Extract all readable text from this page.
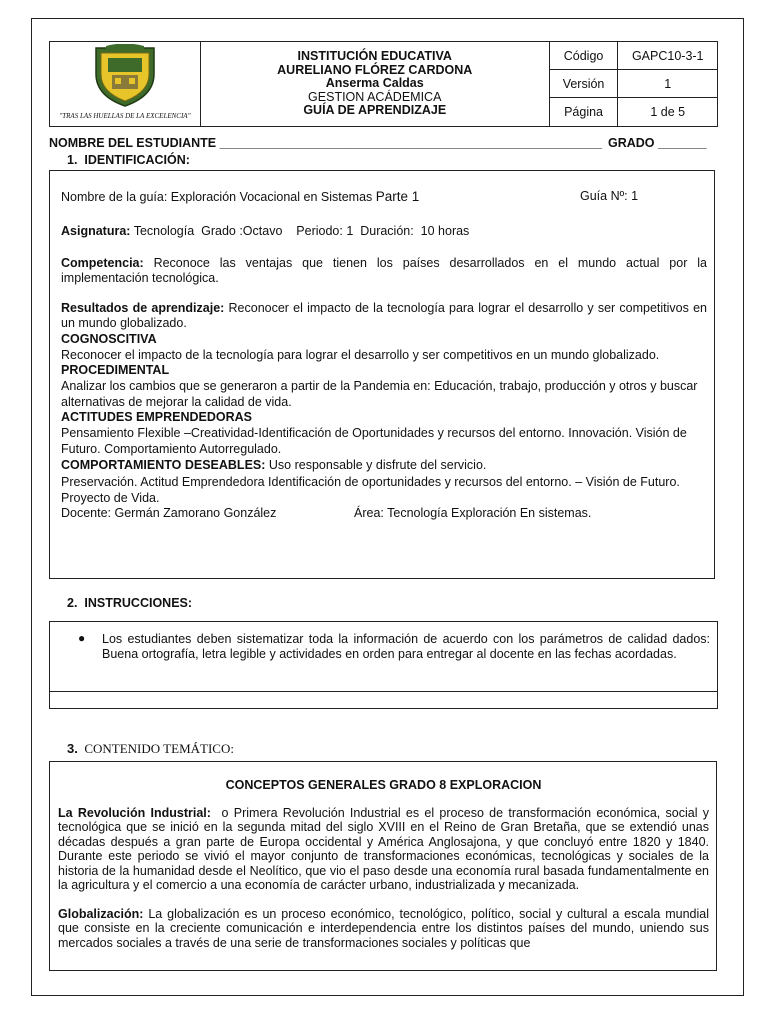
"TRAS LAS HUELLAS DE LA EXCELENCIA"	INSTITUCIÓN EDUCATIVA
AURELIANO FLÓREZ CARDONA
Anserma Caldas
GESTION ACÁDEMICA
GUÍA DE APRENDIZAJE	Código	GAPC10-3-1
		Versión	1
		Página	1 de 5
NOMBRE DEL ESTUDIANTE _______________________________________________________ GRADO _______
1. IDENTIFICACIÓN:
Nombre de la guía: Exploración Vocacional en Sistemas Parte 1	Guía Nº: 1

Asignatura: Tecnología  Grado :Octavo    Periodo: 1  Duración:  10 horas

Competencia: Reconoce las ventajas que tienen los países desarrollados en el mundo actual por la implementación tecnológica.

Resultados de aprendizaje: Reconocer el impacto de la tecnología para lograr el desarrollo y ser competitivos en un mundo globalizado.

COGNOSCITIVA

Reconocer el impacto de la tecnología para lograr el desarrollo y ser competitivos en un mundo globalizado.

PROCEDIMENTAL

Analizar los cambios que se generaron a partir de la Pandemia en: Educación, trabajo, producción y otros y buscar alternativas de mejorar la calidad de vida.

ACTITUDES EMPRENDEDORAS

Pensamiento Flexible –Creatividad-Identificación de Oportunidades y recursos del entorno. Innovación. Visión de Futuro. Comportamiento Autorregulado.

COMPORTAMIENTO DESEABLES: Uso responsable y disfrute del servicio.

Preservación. Actitud Emprendedora Identificación de oportunidades y recursos del entorno. – Visión de Futuro. Proyecto de Vida.

Docente: Germán Zamorano González	Área: Tecnología Exploración En sistemas.
2. INSTRUCCIONES:
● Los estudiantes deben sistematizar toda la información de acuerdo con los parámetros de calidad dados: Buena ortografía, letra legible y actividades en orden para entregar al docente en las fechas acordadas.
3. CONTENIDO TEMÁTICO:

CONCEPTOS GENERALES GRADO 8 EXPLORACION

La Revolución Industrial: o Primera Revolución Industrial es el proceso de transformación económica, social y tecnológica que se inició en la segunda mitad del siglo XVIII en el Reino de Gran Bretaña, que se extendió unas décadas después a gran parte de Europa occidental y América Anglosajona, y que concluyó entre 1820 y 1840. Durante este periodo se vivió el mayor conjunto de transformaciones económicas, tecnológicas y sociales de la historia de la humanidad desde el Neolítico, que vio el paso desde una economía rural basada fundamentalmente en la agricultura y el comercio a una economía de carácter urbano, industrializada y mecanizada.

Globalización: La globalización es un proceso económico, tecnológico, político, social y cultural a escala mundial que consiste en la creciente comunicación e interdependencia entre los distintos países del mundo, uniendo sus mercados sociales a través de una serie de transformaciones sociales y políticas que
